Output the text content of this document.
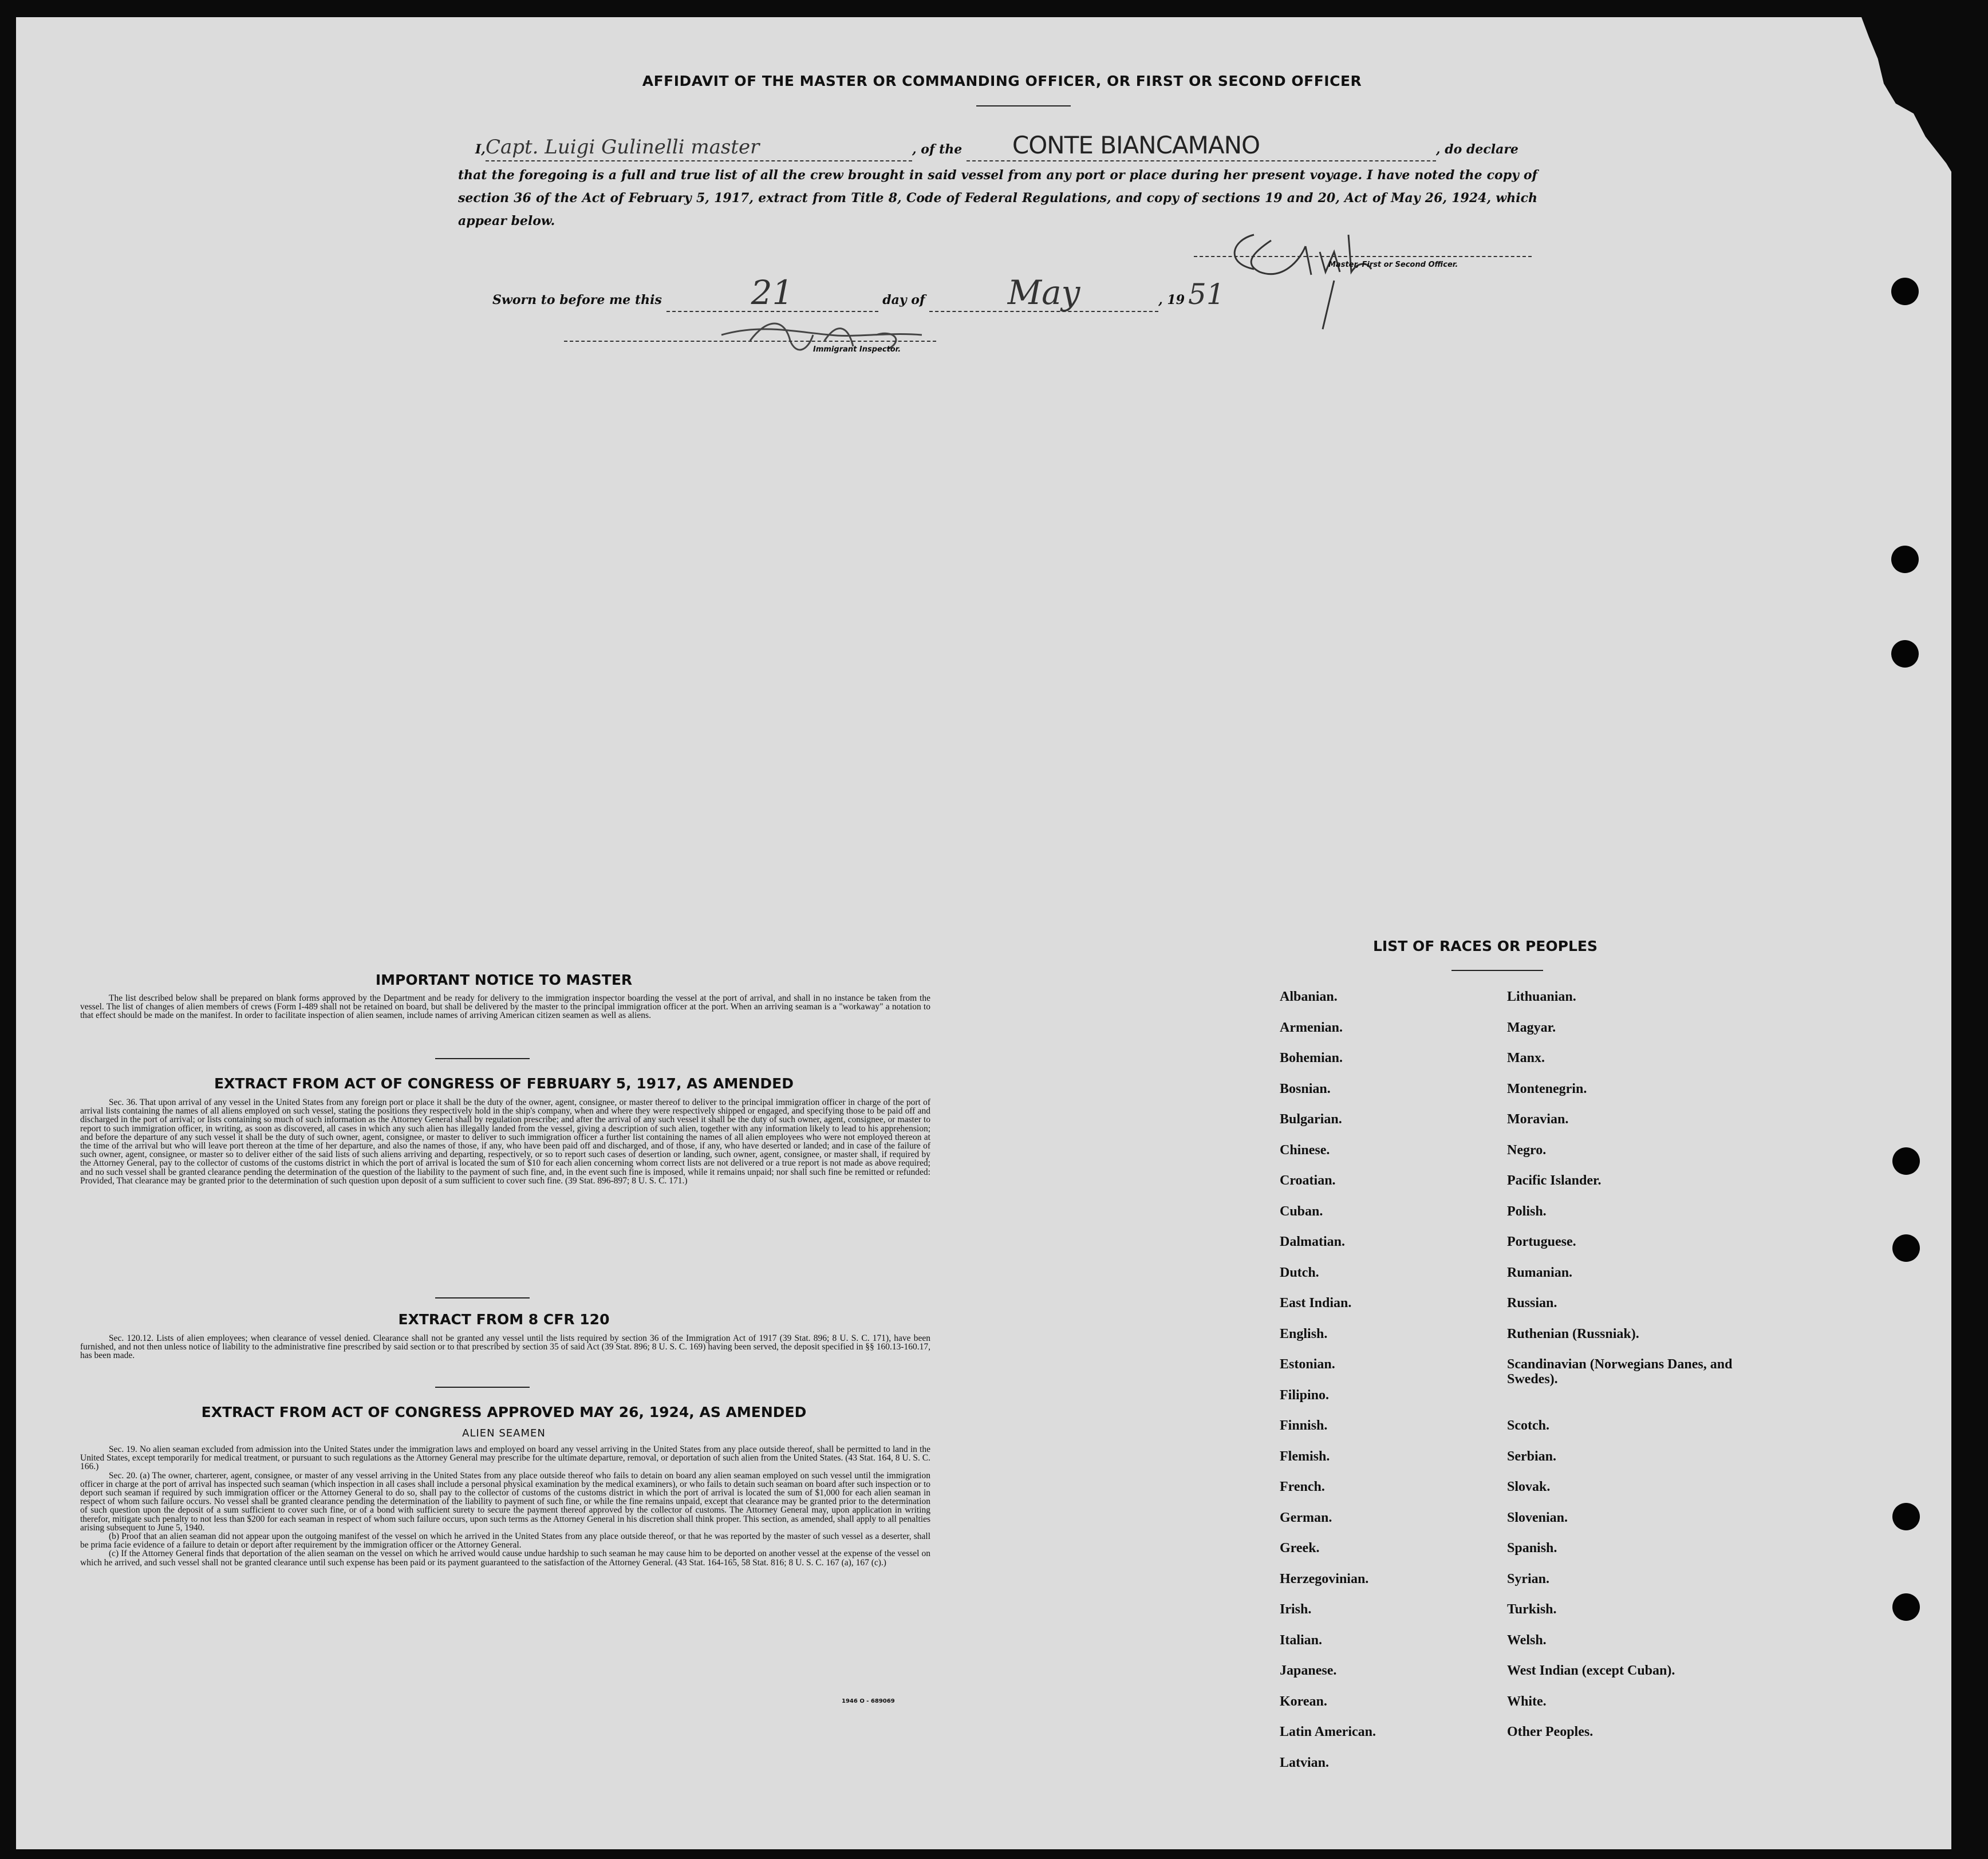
AFFIDAVIT OF THE MASTER OR COMMANDING OFFICER, OR FIRST OR SECOND OFFICER
I,Capt. Luigi Gulinelli master	, of the CONTE BIANCAMANO	, do declare
that the foregoing is a full and true list of all the crew brought in said vessel from any port or place during her present voyage. I have noted the copy of section 36 of the Act of February 5, 1917, extract from Title 8, Code of Federal Regulations, and copy of sections 19 and 20, Act of May 26, 1924, which appear below.
Master, First or Second Officer.
Sworn to before me this	21	day of May	, 19 51
Immigrant Inspector.
IMPORTANT NOTICE TO MASTER

The list described below shall be prepared on blank forms approved by the Department and be ready for delivery to the immigration inspector boarding the vessel at the port of arrival, and shall in no instance be taken from the vessel. The list of changes of alien members of crews (Form I-489 shall not be retained on board, but shall be delivered by the master to the principal immigration officer at the port. When an arriving seaman is a "workaway" a notation to that effect should be made on the manifest. In order to facilitate inspection of alien seamen, include names of arriving American citizen seamen as well as aliens.

EXTRACT FROM ACT OF CONGRESS OF FEBRUARY 5, 1917, AS AMENDED

Sec. 36. That upon arrival of any vessel in the United States from any foreign port or place it shall be the duty of the owner, agent, consignee, or master thereof to deliver to the principal immigration officer in charge of the port of arrival lists containing the names of all aliens employed on such vessel, stating the positions they respectively hold in the ship's company, when and where they were respectively shipped or engaged, and specifying those to be paid off and discharged in the port of arrival; or lists containing so much of such information as the Attorney General shall by regulation prescribe; and after the arrival of any such vessel it shall be the duty of such owner, agent, consignee, or master to report to such immigration officer, in writing, as soon as discovered, all cases in which any such alien has illegally landed from the vessel, giving a description of such alien, together with any information likely to lead to his apprehension; and before the departure of any such vessel it shall be the duty of such owner, agent, consignee, or master to deliver to such immigration officer a further list containing the names of all alien employees who were not employed thereon at the time of the arrival but who will leave port thereon at the time of her departure, and also the names of those, if any, who have been paid off and discharged, and of those, if any, who have deserted or landed; and in case of the failure of such owner, agent, consignee, or master so to deliver either of the said lists of such aliens arriving and departing, respectively, or so to report such cases of desertion or landing, such owner, agent, consignee, or master shall, if required by the Attorney General, pay to the collector of customs of the customs district in which the port of arrival is located the sum of $10 for each alien concerning whom correct lists are not delivered or a true report is not made as above required; and no such vessel shall be granted clearance pending the determination of the question of the liability to the payment of such fine, and, in the event such fine is imposed, while it remains unpaid; nor shall such fine be remitted or refunded: Provided, That clearance may be granted prior to the determination of such question upon deposit of a sum sufficient to cover such fine. (39 Stat. 896-897; 8 U. S. C. 171.)

EXTRACT FROM 8 CFR 120

Sec. 120.12. Lists of alien employees; when clearance of vessel denied. Clearance shall not be granted any vessel until the lists required by section 36 of the Immigration Act of 1917 (39 Stat. 896; 8 U. S. C. 171), have been furnished, and not then unless notice of liability to the administrative fine prescribed by said section or to that prescribed by section 35 of said Act (39 Stat. 896; 8 U. S. C. 169) having been served, the deposit specified in §§ 160.13-160.17, has been made.

EXTRACT FROM ACT OF CONGRESS APPROVED MAY 26, 1924, AS AMENDED
ALIEN SEAMEN

Sec. 19. No alien seaman excluded from admission into the United States under the immigration laws and employed on board any vessel arriving in the United States from any place outside thereof, shall be permitted to land in the United States, except temporarily for medical treatment, or pursuant to such regulations as the Attorney General may prescribe for the ultimate departure, removal, or deportation of such alien from the United States. (43 Stat. 164, 8 U. S. C. 166.)

Sec. 20. (a) The owner, charterer, agent, consignee, or master of any vessel arriving in the United States from any place outside thereof who fails to detain on board any alien seaman employed on such vessel until the immigration officer in charge at the port of arrival has inspected such seaman (which inspection in all cases shall include a personal physical examination by the medical examiners), or who fails to detain such seaman on board after such inspection or to deport such seaman if required by such immigration officer or the Attorney General to do so, shall pay to the collector of customs of the customs district in which the port of arrival is located the sum of $1,000 for each alien seaman in respect of whom such failure occurs. No vessel shall be granted clearance pending the determination of the liability to payment of such fine, or while the fine remains unpaid, except that clearance may be granted prior to the determination of such question upon the deposit of a sum sufficient to cover such fine, or of a bond with sufficient surety to secure the payment thereof approved by the collector of customs. The Attorney General may, upon application in writing therefor, mitigate such penalty to not less than $200 for each seaman in respect of whom such failure occurs, upon such terms as the Attorney General in his discretion shall think proper. This section, as amended, shall apply to all penalties arising subsequent to June 5, 1940.

(b) Proof that an alien seaman did not appear upon the outgoing manifest of the vessel on which he arrived in the United States from any place outside thereof, or that he was reported by the master of such vessel as a deserter, shall be prima facie evidence of a failure to detain or deport after requirement by the immigration officer or the Attorney General.

(c) If the Attorney General finds that deportation of the alien seaman on the vessel on which he arrived would cause undue hardship to such seaman he may cause him to be deported on another vessel at the expense of the vessel on which he arrived, and such vessel shall not be granted clearance until such expense has been paid or its payment guaranteed to the satisfaction of the Attorney General. (43 Stat. 164-165, 58 Stat. 816; 8 U. S. C. 167 (a), 167 (c).)

1946 O - 689069
LIST OF RACES OR PEOPLES
Albanian.
Armenian.
Bohemian.
Bosnian.
Bulgarian.
Chinese.
Croatian.
Cuban.
Dalmatian.
Dutch.
East Indian.
English.
Estonian.
Filipino.
Finnish.
Flemish.
French.
German.
Greek.
Herzegovinian.
Irish.
Italian.
Japanese.
Korean.
Latin American.
Latvian.
Lithuanian.
Magyar.
Manx.
Montenegrin.
Moravian.
Negro.
Pacific Islander.
Polish.
Portuguese.
Rumanian.
Russian.
Ruthenian (Russniak).
Scandinavian (Norwegians Danes, and Swedes).
Scotch.
Serbian.
Slovak.
Slovenian.
Spanish.
Syrian.
Turkish.
Welsh.
West Indian (except Cuban).
White.
Other Peoples.
